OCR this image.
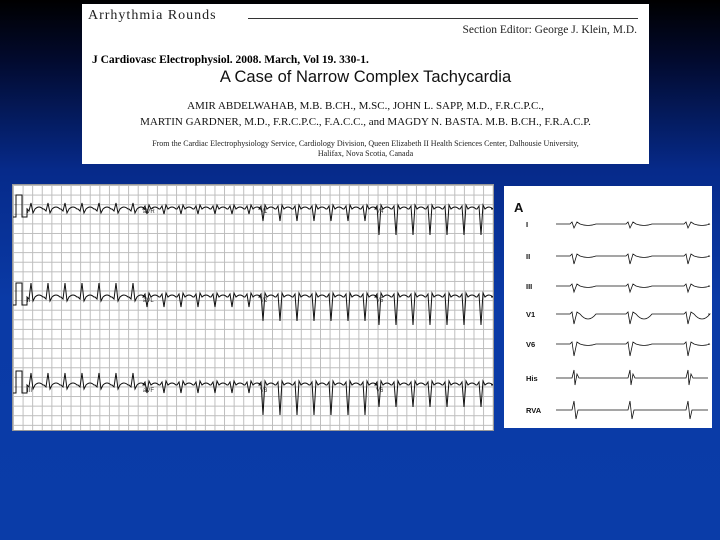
Arrhythmia Rounds
Section Editor: George J. Klein, M.D.
J Cardiovasc Electrophysiol. 2008. March, Vol 19. 330-1.
A Case of Narrow Complex Tachycardia
AMIR ABDELWAHAB, M.B. B.CH., M.SC., JOHN L. SAPP, M.D., F.R.C.P.C.,
MARTIN GARDNER, M.D., F.R.C.P.C., F.A.C.C., and MAGDY N. BASTA. M.B. B.CH., F.R.A.C.P.
From the Cardiac Electrophysiology Service, Cardiology Division, Queen Elizabeth II Health Sciences Center, Dalhousie University,
Halifax, Nova Scotia, Canada
I	aVR	V1	V4
II	aVL	V2	V5
III	aVF	V3	V6
A
I
II
III
V1
V6
His
RVA
